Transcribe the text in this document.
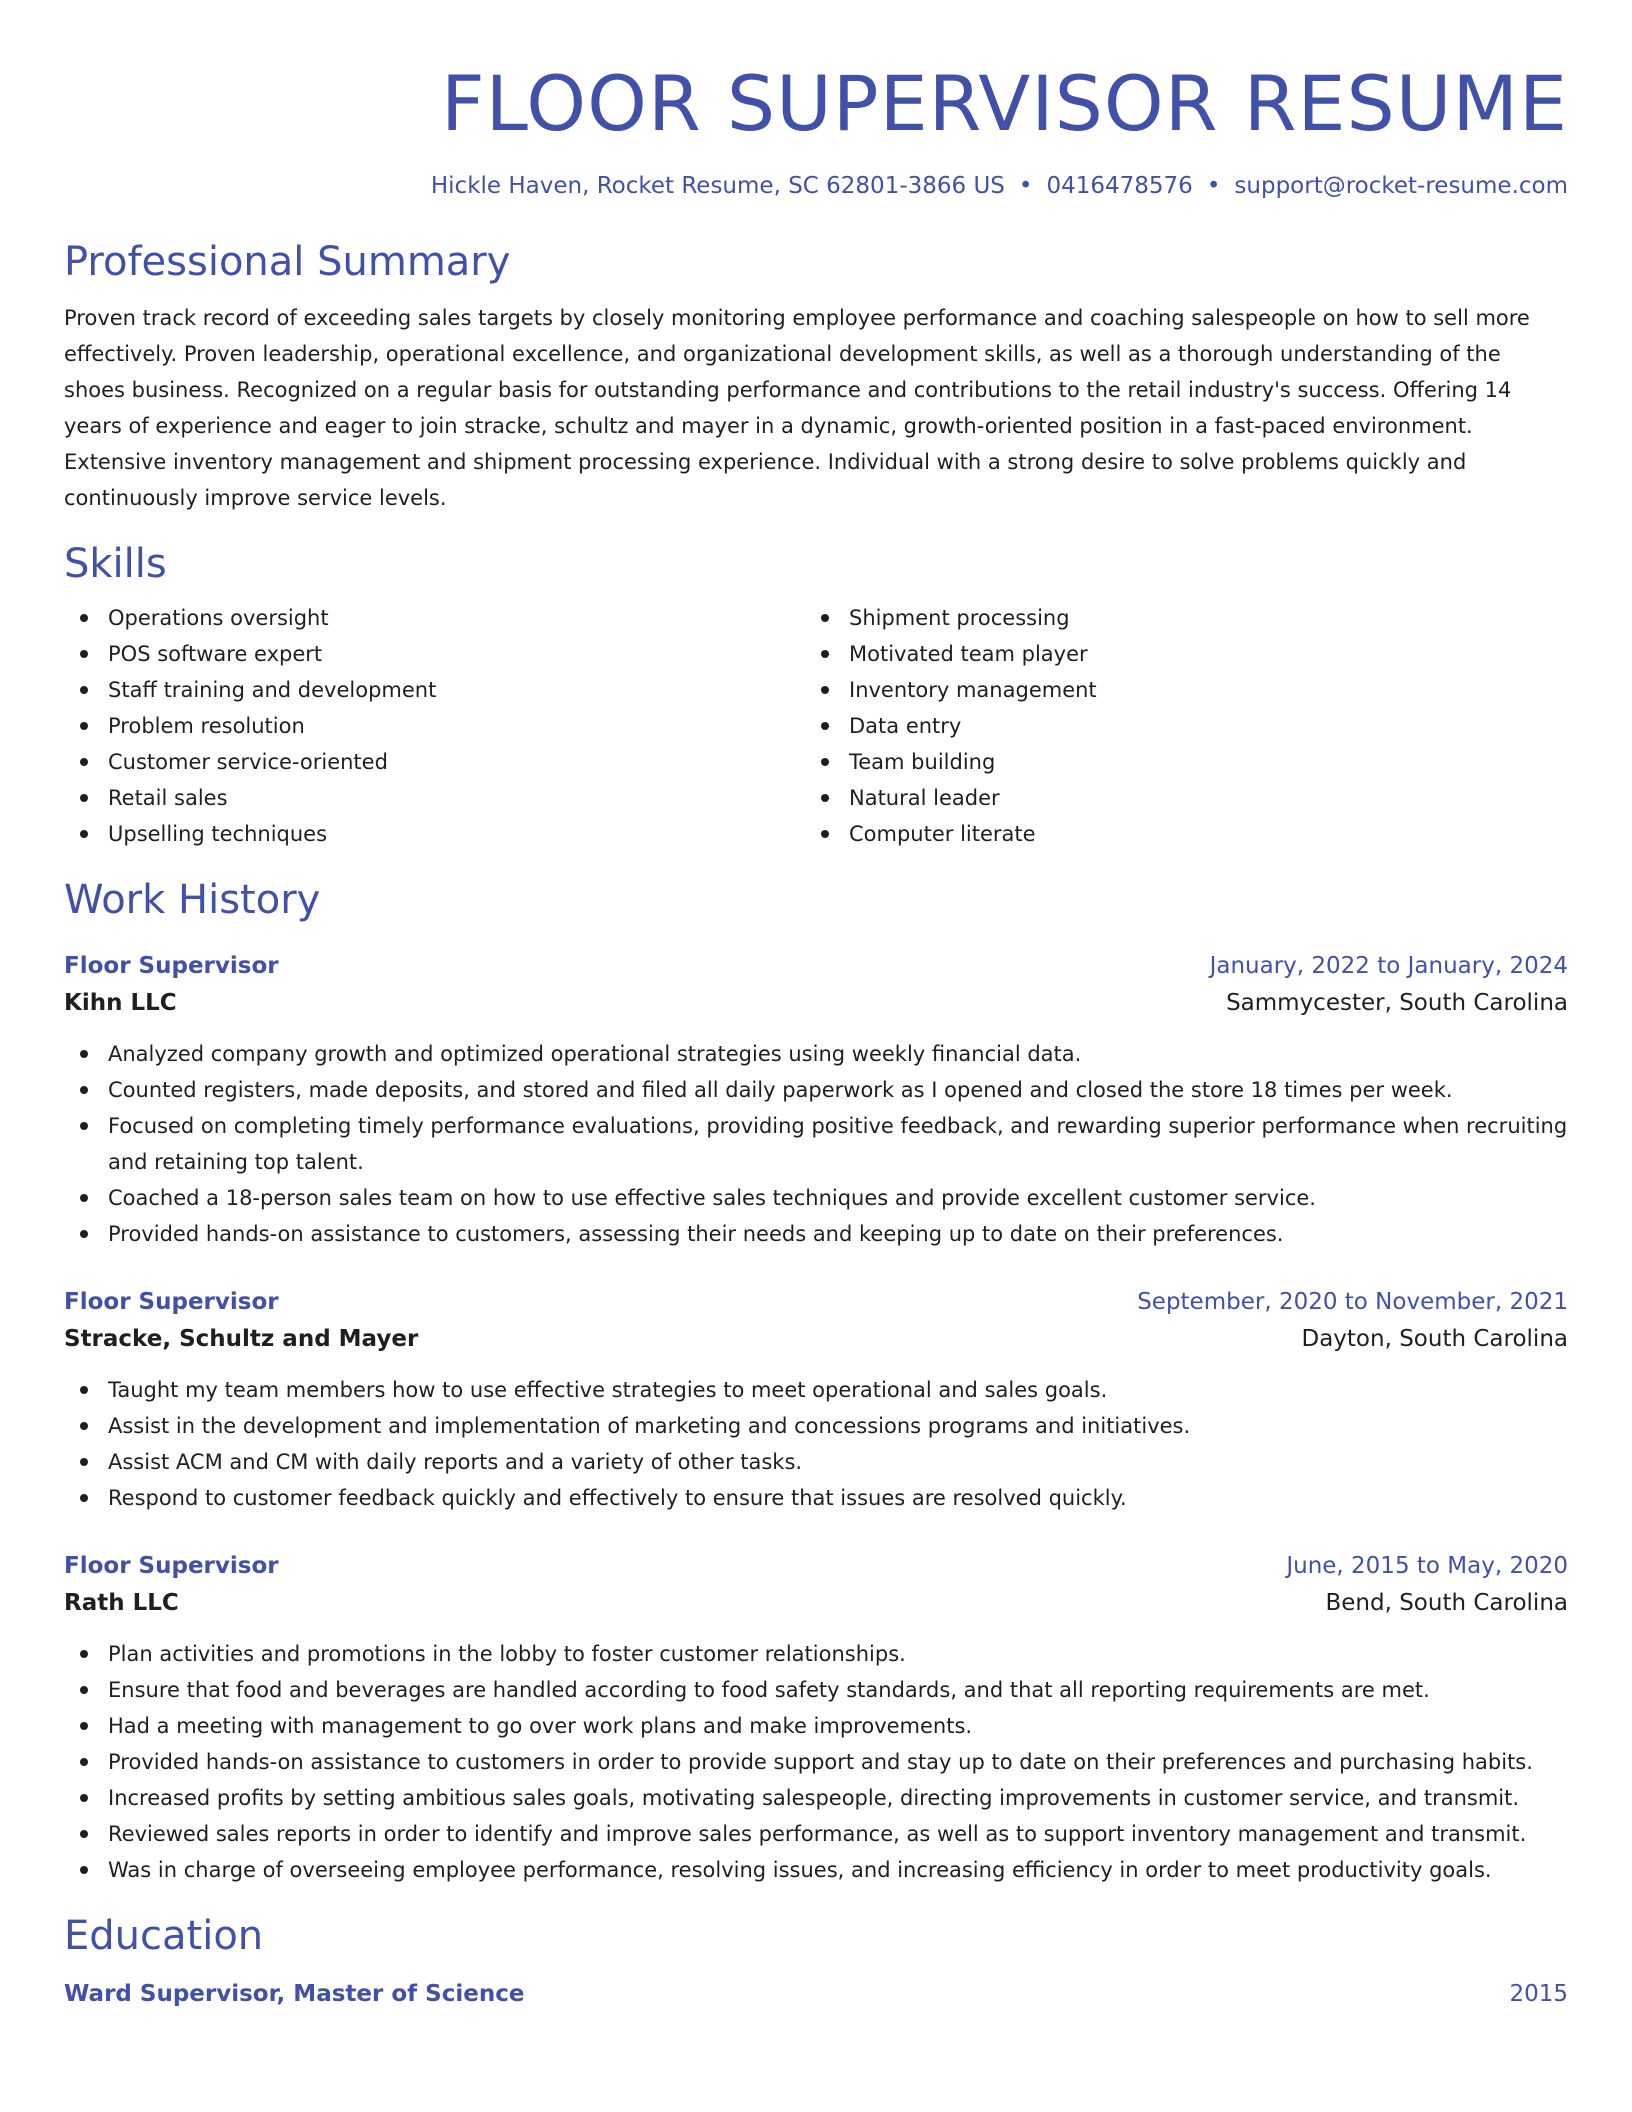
FLOOR SUPERVISOR RESUME
Hickle Haven, Rocket Resume, SC 62801-3866 US • 0416478576 • support@rocket-resume.com
Professional Summary

Proven track record of exceeding sales targets by closely monitoring employee performance and coaching salespeople on how to sell more effectively. Proven leadership, operational excellence, and organizational development skills, as well as a thorough understanding of the shoes business. Recognized on a regular basis for outstanding performance and contributions to the retail industry's success. Offering 14 years of experience and eager to join stracke, schultz and mayer in a dynamic, growth-oriented position in a fast-paced environment. Extensive inventory management and shipment processing experience. Individual with a strong desire to solve problems quickly and continuously improve service levels.

Skills
Operations oversight
POS software expert
Staff training and development
Problem resolution
Customer service-oriented
Retail sales
Upselling techniques
Shipment processing
Motivated team player
Inventory management
Data entry
Team building
Natural leader
Computer literate
Work History
Floor Supervisor	January, 2022 to January, 2024
Kihn LLC	Sammycester, South Carolina
Analyzed company growth and optimized operational strategies using weekly financial data.
Counted registers, made deposits, and stored and filed all daily paperwork as I opened and closed the store 18 times per week.
Focused on completing timely performance evaluations, providing positive feedback, and rewarding superior performance when recruiting and retaining top talent.
Coached a 18-person sales team on how to use effective sales techniques and provide excellent customer service.
Provided hands-on assistance to customers, assessing their needs and keeping up to date on their preferences.
Floor Supervisor	September, 2020 to November, 2021
Stracke, Schultz and Mayer	Dayton, South Carolina
Taught my team members how to use effective strategies to meet operational and sales goals.
Assist in the development and implementation of marketing and concessions programs and initiatives.
Assist ACM and CM with daily reports and a variety of other tasks.
Respond to customer feedback quickly and effectively to ensure that issues are resolved quickly.
Floor Supervisor	June, 2015 to May, 2020
Rath LLC	Bend, South Carolina
Plan activities and promotions in the lobby to foster customer relationships.
Ensure that food and beverages are handled according to food safety standards, and that all reporting requirements are met.
Had a meeting with management to go over work plans and make improvements.
Provided hands-on assistance to customers in order to provide support and stay up to date on their preferences and purchasing habits.
Increased profits by setting ambitious sales goals, motivating salespeople, directing improvements in customer service, and transmit.
Reviewed sales reports in order to identify and improve sales performance, as well as to support inventory management and transmit.
Was in charge of overseeing employee performance, resolving issues, and increasing efficiency in order to meet productivity goals.
Education
Ward Supervisor, Master of Science	2015
